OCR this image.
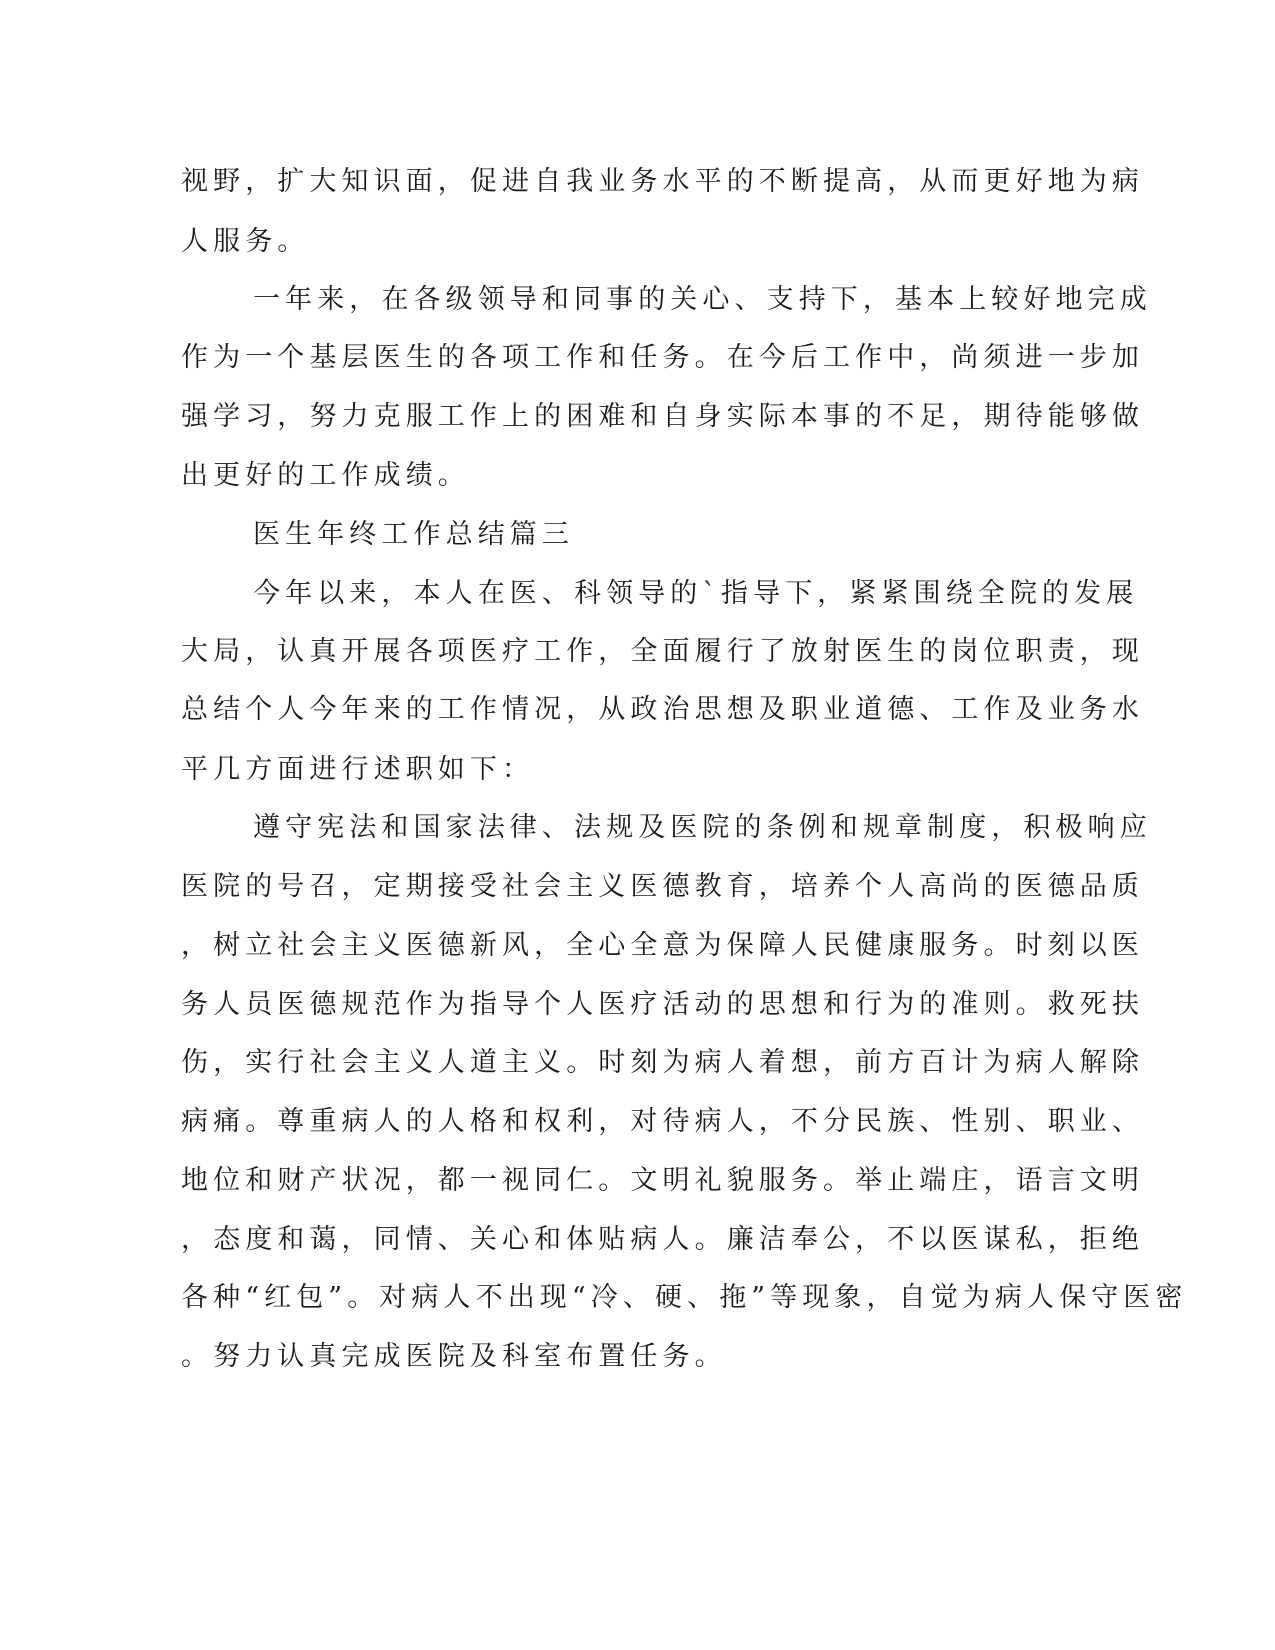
视野，扩大知识面，促进自我业务水平的不断提高，从而更好地为病
人服务。
一年来，在各级领导和同事的关心、支持下，基本上较好地完成
作为一个基层医生的各项工作和任务。在今后工作中，尚须进一步加
强学习，努力克服工作上的困难和自身实际本事的不足，期待能够做
出更好的工作成绩。
医生年终工作总结篇三
今年以来，本人在医、科领导的`指导下，紧紧围绕全院的发展
大局，认真开展各项医疗工作，全面履行了放射医生的岗位职责，现
总结个人今年来的工作情况，从政治思想及职业道德、工作及业务水
平几方面进行述职如下：
遵守宪法和国家法律、法规及医院的条例和规章制度，积极响应
医院的号召，定期接受社会主义医德教育，培养个人高尚的医德品质
，树立社会主义医德新风，全心全意为保障人民健康服务。时刻以医
务人员医德规范作为指导个人医疗活动的思想和行为的准则。救死扶
伤，实行社会主义人道主义。时刻为病人着想，前方百计为病人解除
病痛。尊重病人的人格和权利，对待病人，不分民族、性别、职业、
地位和财产状况，都一视同仁。文明礼貌服务。举止端庄，语言文明
，态度和蔼，同情、关心和体贴病人。廉洁奉公，不以医谋私，拒绝
各种“红包”。对病人不出现“冷、硬、拖”等现象，自觉为病人保守医密
。努力认真完成医院及科室布置任务。
